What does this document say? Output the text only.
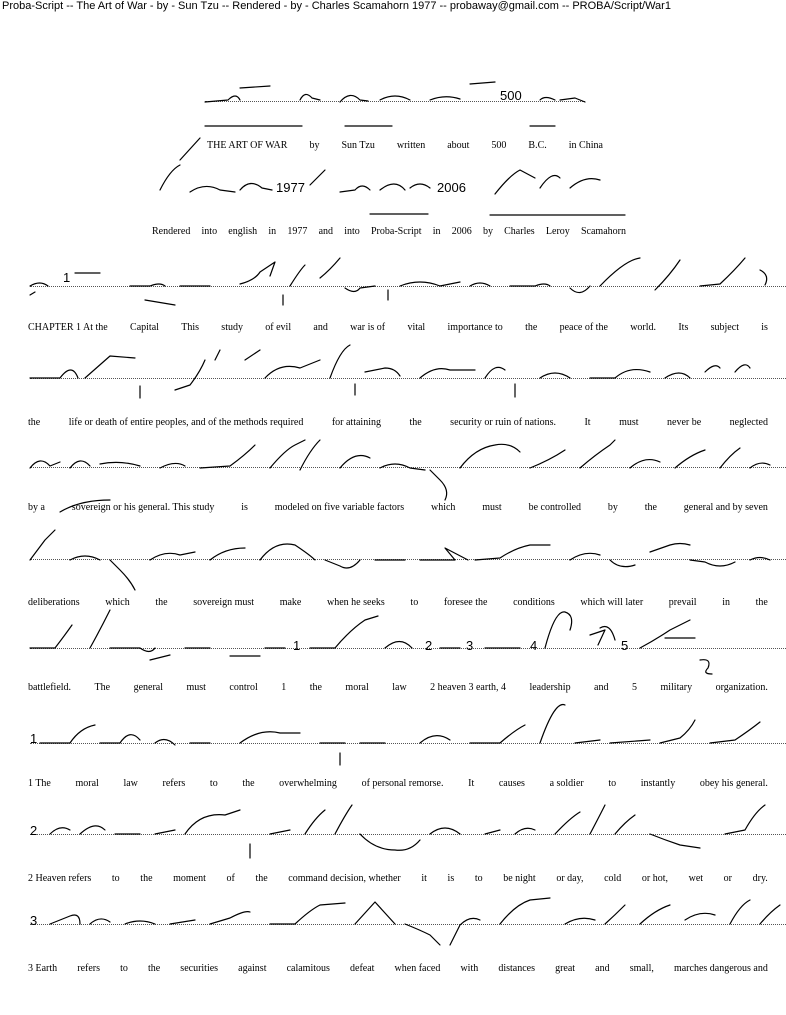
Proba-Script -- The Art of War - by - Sun Tzu -- Rendered - by - Charles Scamahorn 1977 -- probaway@gmail.com -- PROBA/Script/War1
500
1977	2006
THE ART OF WAR by Sun Tzu written about 500 B.C. in China
Rendered into english in 1977 and into Proba-Script in 2006 by Charles Leroy Scamahorn
1
1	2	3	4	5
1
2
3
CHAPTER 1 At the Capital This study of evil and war is of vital importance to the peace of the world. Its subject is
the	life or death of entire peoples, and of the methods required	for attaining	the	security or ruin of nations.	It	must	never be	neglected
by a	sovereign or his general. This study	is	modeled on five variable factors	which	must	be controlled	by	the	general and by seven
deliberations	which	the	sovereign must	make	when he seeks	to	foresee the	conditions	which will later	prevail	in	the
battlefield. The general must control 1 the moral law 2 heaven 3 earth, 4 leadership and 5 military organization.
1 The moral law refers to the overwhelming of personal remorse. It causes a soldier to instantly obey his general.
2 Heaven refers to the moment of the command decision, whether it is to be night or day, cold or hot, wet or dry.
3 Earth refers to the securities against calamitous defeat when faced with distances great and small, marches dangerous and
